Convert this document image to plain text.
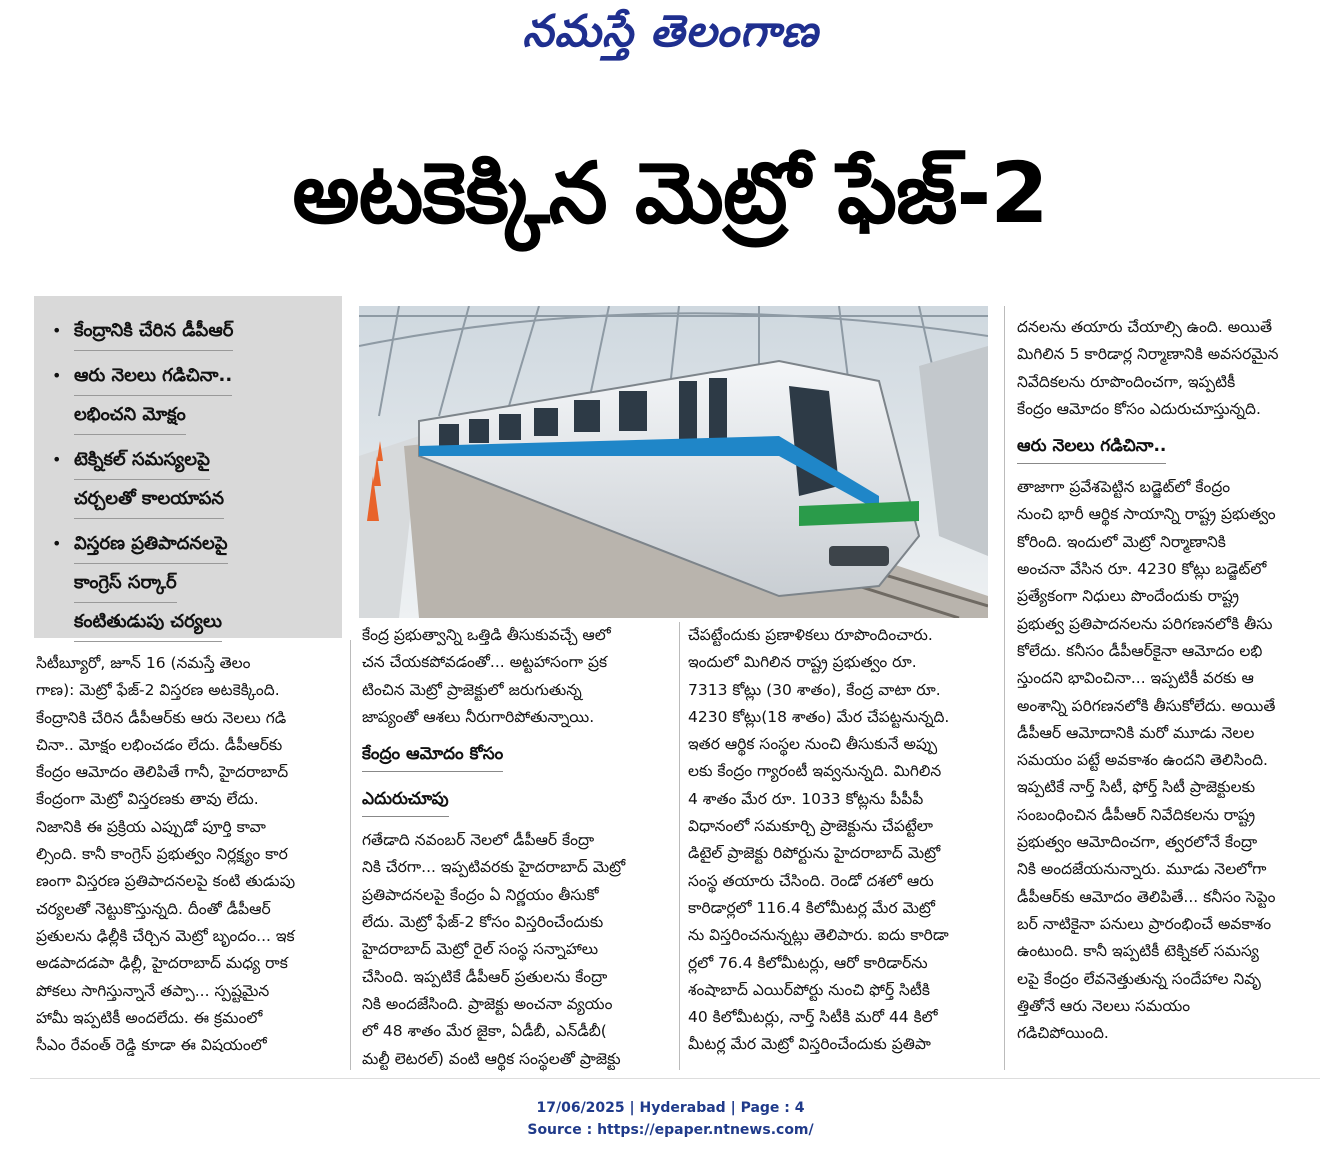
నమస్తే తెలంగాణ
అటకెక్కిన మెట్రో ఫేజ్-2
• కేంద్రానికి చేరిన డీపీఆర్
• ఆరు నెలలు గడిచినా..
లభించని మోక్షం
• టెక్నికల్ సమస్యలపై
చర్చలతో కాలయాపన
• విస్తరణ ప్రతిపాదనలపై
కాంగ్రెస్ సర్కార్
కంటితుడుపు చర్యలు
సిటీబ్యూరో, జూన్ 16 (నమస్తే తెలం
గాణ): మెట్రో ఫేజ్-2 విస్తరణ అటకెక్కింది.
కేంద్రానికి చేరిన డీపీఆర్‌కు ఆరు నెలలు గడి
చినా.. మోక్షం లభించడం లేదు. డీపీఆర్‌కు
కేంద్రం ఆమోదం తెలిపితే గానీ, హైదరాబాద్
కేంద్రంగా మెట్రో విస్తరణకు తావు లేదు.
నిజానికి ఈ ప్రక్రియ ఎప్పుడో పూర్తి కావా
ల్సింది. కానీ కాంగ్రెస్ ప్రభుత్వం నిర్లక్ష్యం కార
ణంగా విస్తరణ ప్రతిపాదనలపై కంటి తుడుపు
చర్యలతో నెట్టుకొస్తున్నది. దీంతో డీపీఆర్
ప్రతులను ఢిల్లీకి చేర్చిన మెట్రో బృందం... ఇక
అడపాదడపా ఢిల్లీ, హైదరాబాద్ మధ్య రాక
పోకలు సాగిస్తున్నానే తప్పా... స్పష్టమైన
హామీ ఇప్పటికీ అందలేదు. ఈ క్రమంలో
సీఎం రేవంత్ రెడ్డి కూడా ఈ విషయంలో
కేంద్ర ప్రభుత్వాన్ని ఒత్తిడి తీసుకువచ్చే ఆలో
చన చేయకపోవడంతో... అట్టహాసంగా ప్రక
టించిన మెట్రో ప్రాజెక్టులో జరుగుతున్న
జాప్యంతో ఆశలు నీరుగారిపోతున్నాయి.
కేంద్రం ఆమోదం కోసం
ఎదురుచూపు
గతేడాది నవంబర్ నెలలో డీపీఆర్ కేంద్రా
నికి చేరగా... ఇప్పటివరకు హైదరాబాద్ మెట్రో
ప్రతిపాదనలపై కేంద్రం ఏ నిర్ణయం తీసుకో
లేదు. మెట్రో ఫేజ్-2 కోసం విస్తరించేందుకు
హైదరాబాద్ మెట్రో రైల్ సంస్థ సన్నాహాలు
చేసింది. ఇప్పటికే డీపీఆర్ ప్రతులను కేంద్రా
నికి అందజేసింది. ప్రాజెక్టు అంచనా వ్యయం
లో 48 శాతం మేర జైకా, ఏడీబీ, ఎన్‌డీబీ(
మల్టీ లెటరల్) వంటి ఆర్థిక సంస్థలతో ప్రాజెక్టు
చేపట్టేందుకు ప్రణాళికలు రూపొందించారు.
ఇందులో మిగిలిన రాష్ట్ర ప్రభుత్వం రూ.
7313 కోట్లు (30 శాతం), కేంద్ర వాటా రూ.
4230 కోట్లు(18 శాతం) మేర చేపట్టనున్నది.
ఇతర ఆర్థిక సంస్థల నుంచి తీసుకునే అప్పు
లకు కేంద్రం గ్యారంటీ ఇవ్వనున్నది. మిగిలిన
4 శాతం మేర రూ. 1033 కోట్లను పీపీపీ
విధానంలో సమకూర్చి ప్రాజెక్టును చేపట్టేలా
డిటైల్ ప్రాజెక్టు రిపోర్టును హైదరాబాద్ మెట్రో
సంస్థ తయారు చేసింది. రెండో దశలో ఆరు
కారిడార్లలో 116.4 కిలోమీటర్ల మేర మెట్రో
ను విస్తరించనున్నట్లు తెలిపారు. ఐదు కారిడా
ర్లలో 76.4 కిలోమీటర్లు, ఆరో కారిడార్‌ను
శంషాబాద్ ఎయిర్‌పోర్టు నుంచి ఫోర్త్ సిటీకి
40 కిలోమీటర్లు, నార్త్ సిటీకి మరో 44 కిలో
మీటర్ల మేర మెట్రో విస్తరించేందుకు ప్రతిపా
దనలను తయారు చేయాల్సి ఉంది. అయితే
మిగిలిన 5 కారిడార్ల నిర్మాణానికి అవసరమైన
నివేదికలను రూపొందించగా, ఇప్పటికీ
కేంద్రం ఆమోదం కోసం ఎదురుచూస్తున్నది.
ఆరు నెలలు గడిచినా..
తాజాగా ప్రవేశపెట్టిన బడ్జెట్‌లో కేంద్రం
నుంచి భారీ ఆర్థిక సాయాన్ని రాష్ట్ర ప్రభుత్వం
కోరింది. ఇందులో మెట్రో నిర్మాణానికి
అంచనా వేసిన రూ. 4230 కోట్లు బడ్జెట్‌లో
ప్రత్యేకంగా నిధులు పొందేందుకు రాష్ట్ర
ప్రభుత్వ ప్రతిపాదనలను పరిగణనలోకి తీసు
కోలేదు. కనీసం డీపీఆర్‌కైనా ఆమోదం లభి
స్తుందని భావించినా... ఇప్పటికీ వరకు ఆ
అంశాన్ని పరిగణనలోకి తీసుకోలేదు. అయితే
డీపీఆర్ ఆమోదానికి మరో మూడు నెలల
సమయం పట్టే అవకాశం ఉందని తెలిసింది.
ఇప్పటికే నార్త్ సిటీ, ఫోర్త్ సిటీ ప్రాజెక్టులకు
సంబంధించిన డీపీఆర్ నివేదికలను రాష్ట్ర
ప్రభుత్వం ఆమోదించగా, త్వరలోనే కేంద్రా
నికి అందజేయనున్నారు. మూడు నెలలోగా
డీపీఆర్‌కు ఆమోదం తెలిపితే... కనీసం సెప్టెం
బర్ నాటికైనా పనులు ప్రారంభించే అవకాశం
ఉంటుంది. కానీ ఇప్పటికీ టెక్నికల్ సమస్య
లపై కేంద్రం లేవనెత్తుతున్న సందేహాల నివృ
త్తితోనే ఆరు నెలలు సమయం
గడిచిపోయింది.
17/06/2025 | Hyderabad | Page : 4
Source : https://epaper.ntnews.com/
